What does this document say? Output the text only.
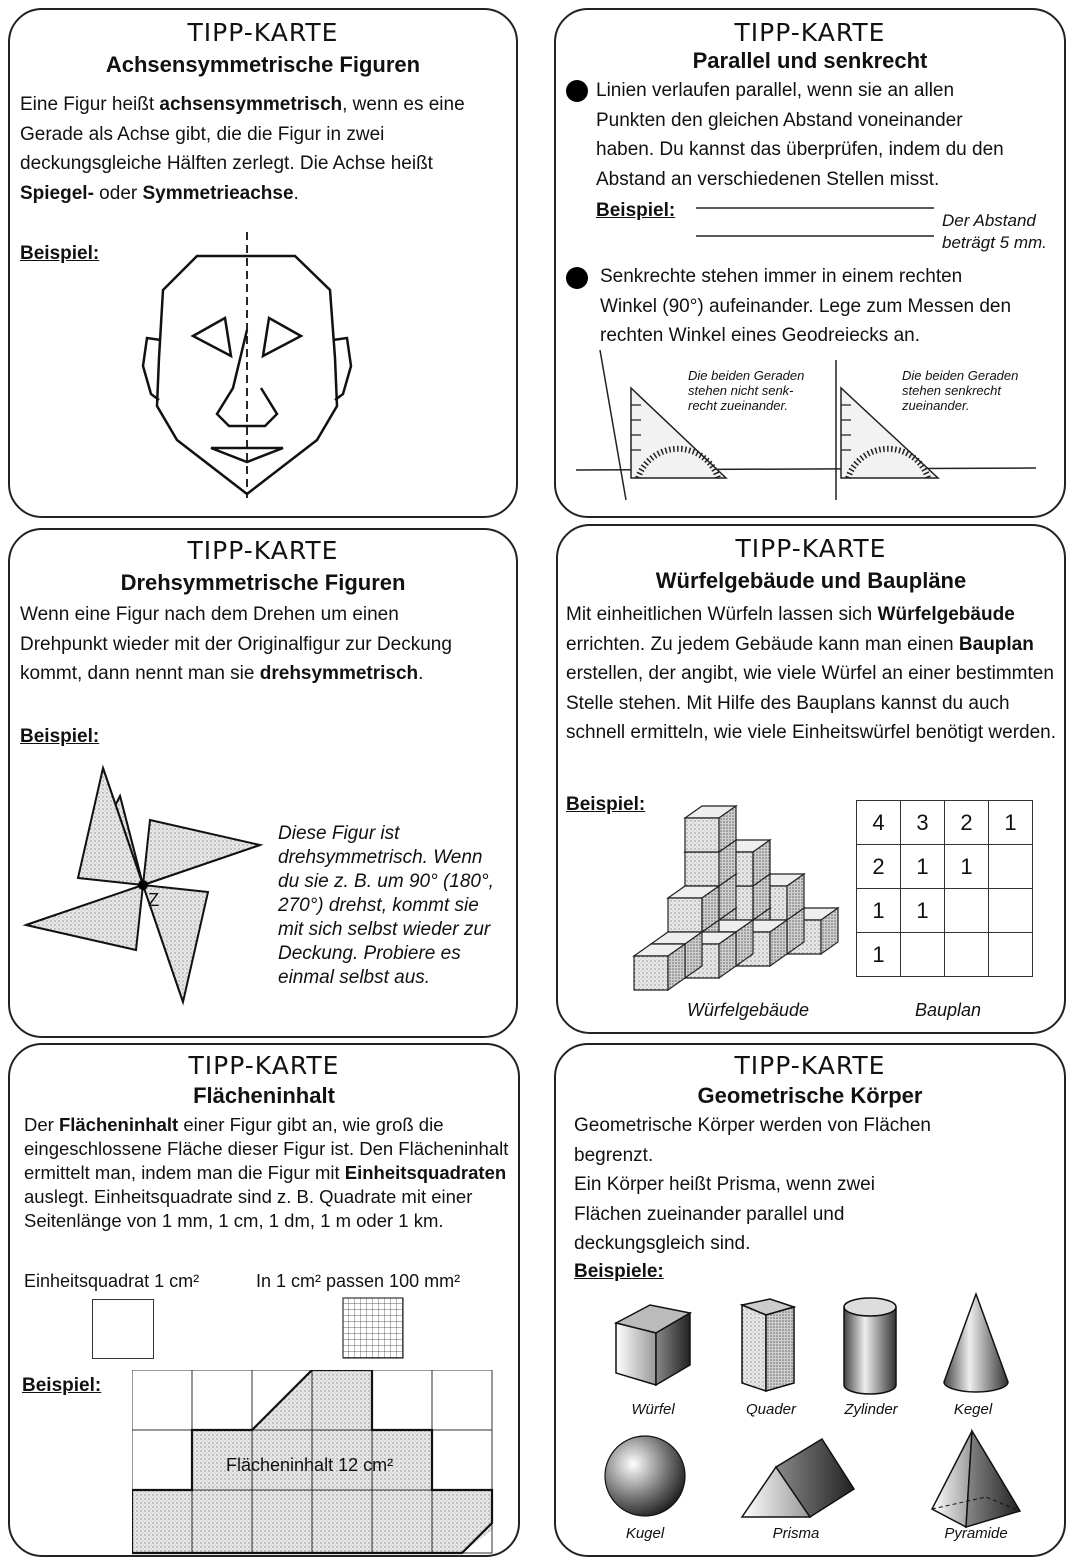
TIPP-KARTE
Achsensymmetrische Figuren
Eine Figur heißt achsensymmetrisch, wenn es eine Gerade als Achse gibt, die die Figur in zwei deckungsgleiche Hälften zerlegt. Die Achse heißt Spiegel- oder Symmetrieachse.
Beispiel:
TIPP-KARTE
Parallel und senkrecht
Linien verlaufen parallel, wenn sie an allen Punkten den gleichen Abstand voneinander haben. Du kannst das überprüfen, indem du den Abstand an verschiedenen Stellen misst.
Beispiel:	Der Abstand beträgt 5 mm.
Senkrechte stehen immer in einem rechten Winkel (90°) aufeinander. Lege zum Messen den rechten Winkel eines Geodreiecks an.
Die beiden Geraden stehen nicht senk-recht zueinander.
Die beiden Geraden stehen senkrecht zueinander.
TIPP-KARTE
Drehsymmetrische Figuren
Wenn eine Figur nach dem Drehen um einen Drehpunkt wieder mit der Originalfigur zur Deckung kommt, dann nennt man sie drehsymmetrisch.
Beispiel:
Z
Diese Figur ist drehsymmetrisch. Wenn du sie z. B. um 90° (180°, 270°) drehst, kommt sie mit sich selbst wieder zur Deckung. Probiere es einmal selbst aus.
TIPP-KARTE
Würfelgebäude und Baupläne
Mit einheitlichen Würfeln lassen sich Würfelgebäude errichten. Zu jedem Gebäude kann man einen Bauplan erstellen, der angibt, wie viele Würfel an einer bestimmten Stelle stehen. Mit Hilfe des Bauplans kannst du auch schnell ermitteln, wie viele Einheitswürfel benötigt werden.
Beispiel:
4	3	2	1
2	1	1	
1	1		
1			
Würfelgebäude	Bauplan
TIPP-KARTE
Flächeninhalt
Der Flächeninhalt einer Figur gibt an, wie groß die eingeschlossene Fläche dieser Figur ist. Den Flächeninhalt ermittelt man, indem man die Figur mit Einheitsquadraten auslegt. Einheitsquadrate sind z. B. Quadrate mit einer Seitenlänge von 1 mm, 1 cm, 1 dm, 1 m oder 1 km.
Einheitsquadrat 1 cm²	In 1 cm² passen 100 mm²
Beispiel:
Flächeninhalt 12 cm²
TIPP-KARTE
Geometrische Körper
Geometrische Körper werden von Flächen begrenzt.
Ein Körper heißt Prisma, wenn zwei Flächen zueinander parallel und deckungsgleich sind.
Beispiele:
Würfel	Quader	Zylinder	Kegel
Kugel	Prisma	Pyramide
